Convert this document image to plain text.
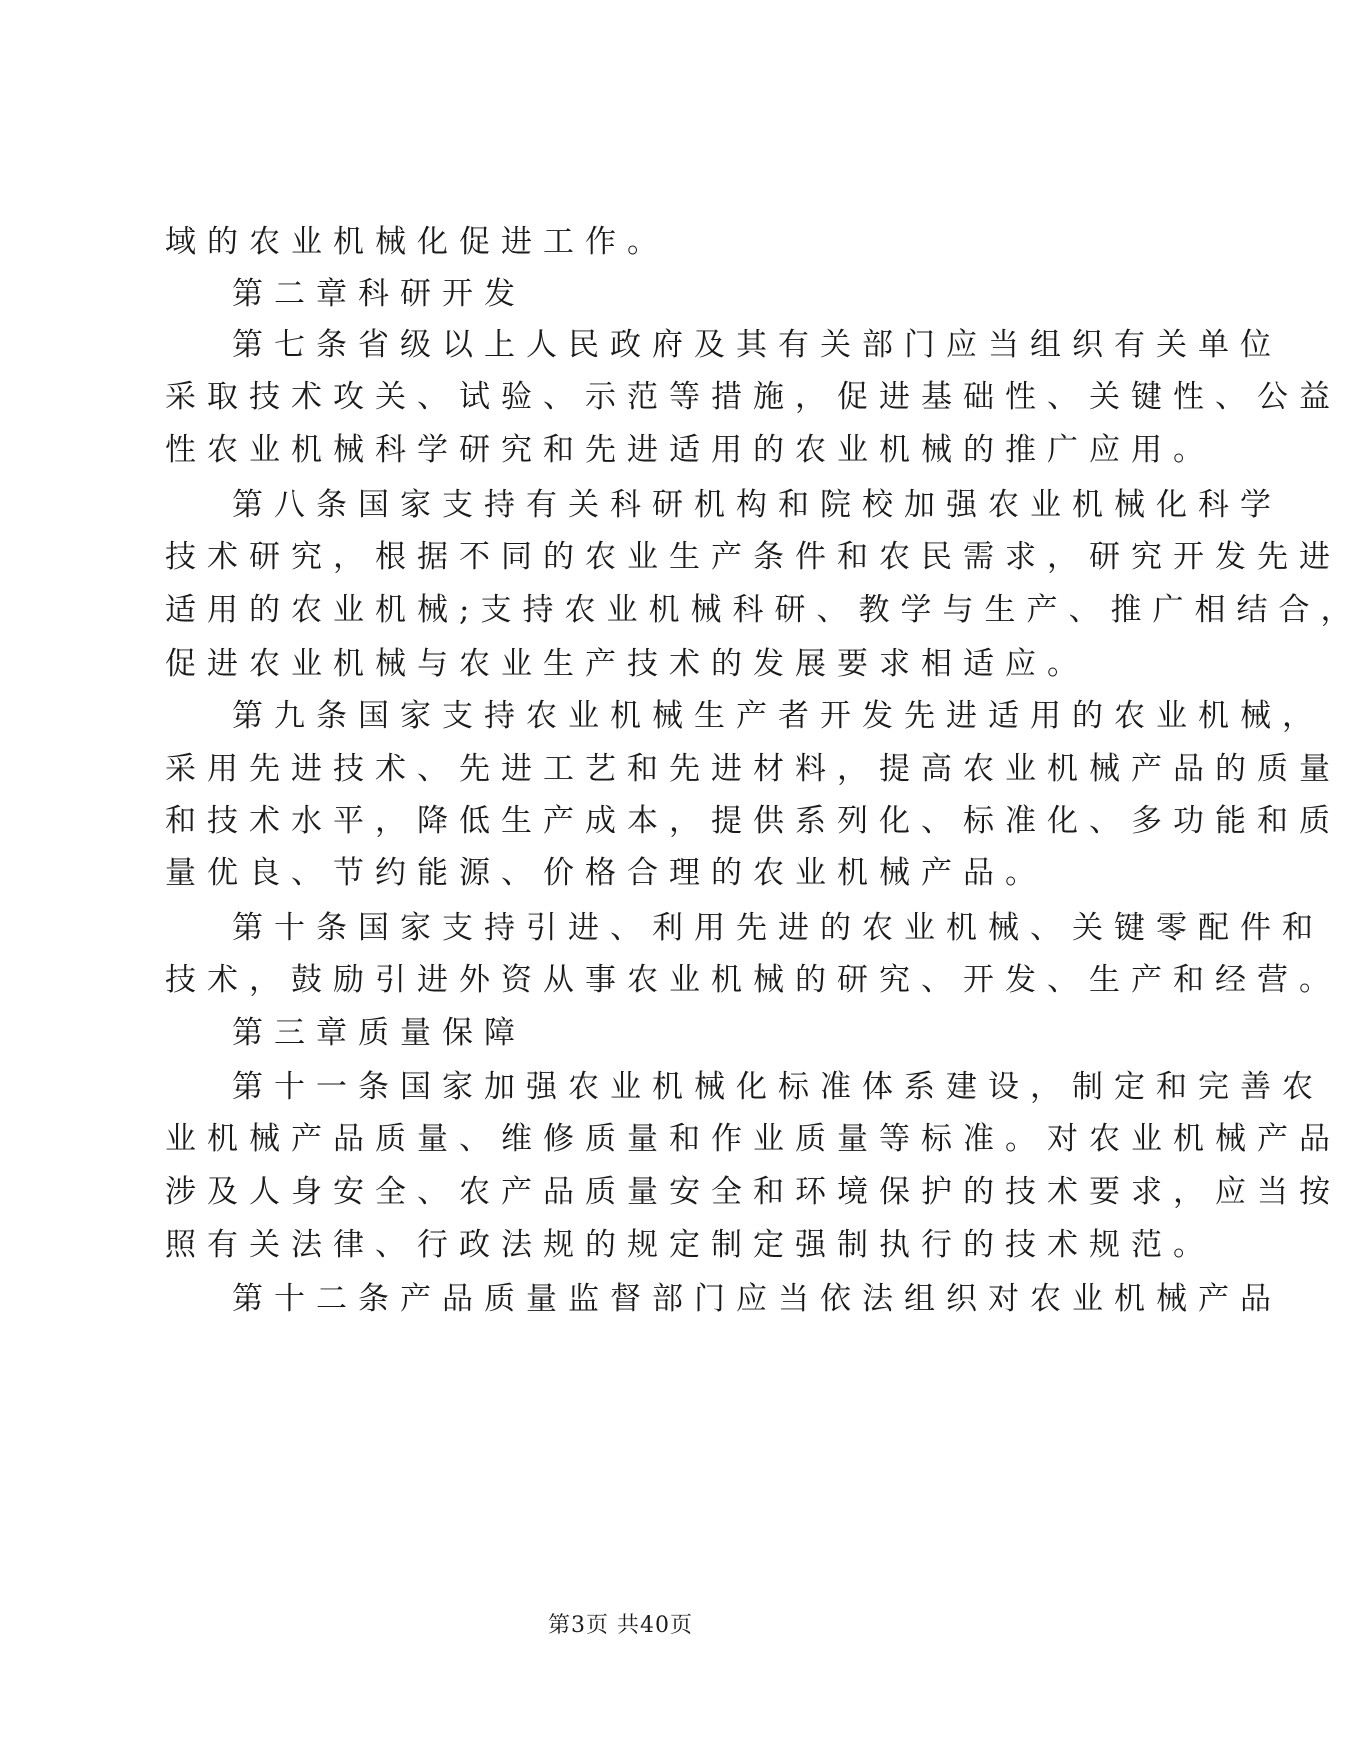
域的农业机械化促进工作。
第二章科研开发
第七条省级以上人民政府及其有关部门应当组织有关单位
采取技术攻关、试验、示范等措施，促进基础性、关键性、公益
性农业机械科学研究和先进适用的农业机械的推广应用。
第八条国家支持有关科研机构和院校加强农业机械化科学
技术研究，根据不同的农业生产条件和农民需求，研究开发先进
适用的农业机械;支持农业机械科研、教学与生产、推广相结合，
促进农业机械与农业生产技术的发展要求相适应。
第九条国家支持农业机械生产者开发先进适用的农业机械，
采用先进技术、先进工艺和先进材料，提高农业机械产品的质量
和技术水平，降低生产成本，提供系列化、标准化、多功能和质
量优良、节约能源、价格合理的农业机械产品。
第十条国家支持引进、利用先进的农业机械、关键零配件和
技术，鼓励引进外资从事农业机械的研究、开发、生产和经营。
第三章质量保障
第十一条国家加强农业机械化标准体系建设，制定和完善农
业机械产品质量、维修质量和作业质量等标准。对农业机械产品
涉及人身安全、农产品质量安全和环境保护的技术要求，应当按
照有关法律、行政法规的规定制定强制执行的技术规范。
第十二条产品质量监督部门应当依法组织对农业机械产品
第3页 共40页
